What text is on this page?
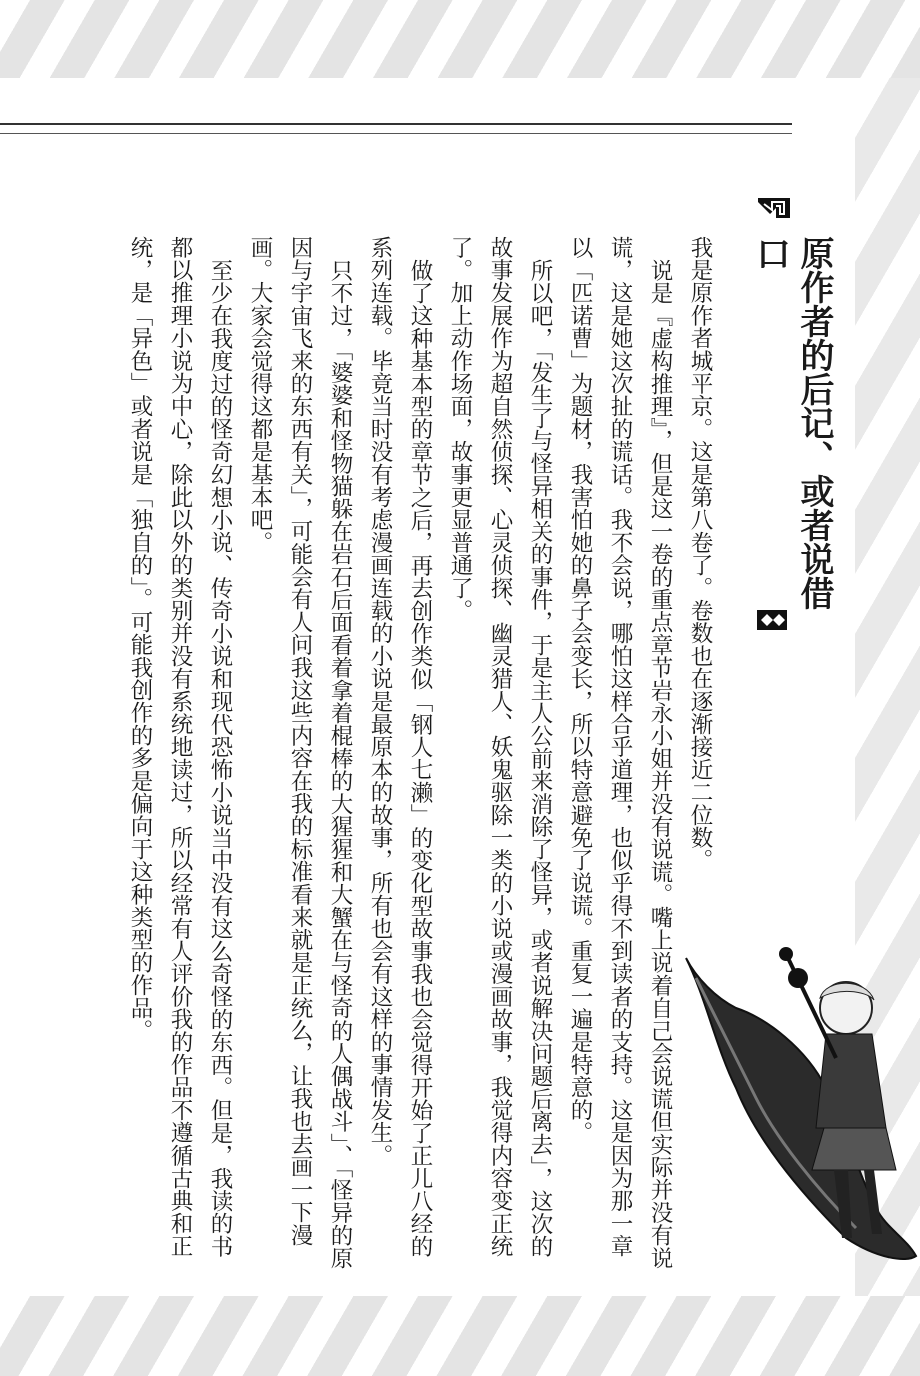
原作者的后记、或者说借口

我是原作者城平京。这是第八卷了。卷数也在逐渐接近二位数。

说是『虚构推理』，但是这一卷的重点章节岩永小姐并没有说谎。嘴上说着自己会说谎但实际并没有说谎，这是她这次扯的谎话。我不会说，哪怕这样合乎道理，也似乎得不到读者的支持。这是因为那一章以「匹诺曹」为题材，我害怕她的鼻子会变长，所以特意避免了说谎。重复一遍是特意的。

所以吧，「发生了与怪异相关的事件，于是主人公前来消除了怪异，或者说解决问题后离去」，这次的故事发展作为超自然侦探、心灵侦探、幽灵猎人、妖鬼驱除一类的小说或漫画故事，我觉得内容变正统了。加上动作场面，故事更显普通了。

做了这种基本型的章节之后，再去创作类似「钢人七濑」的变化型故事我也会觉得开始了正儿八经的系列连载。毕竟当时没有考虑漫画连载的小说是最原本的故事，所有也会有这样的事情发生。

只不过，「婆婆和怪物猫躲在岩石后面看着拿着棍棒的大猩猩和大蟹在与怪奇的人偶战斗」、「怪异的原因与宇宙飞来的东西有关」，可能会有人问我这些内容在我的标准看来就是正统么，让我也去画一下漫画。大家会觉得这都是基本吧。

至少在我度过的怪奇幻想小说、传奇小说和现代恐怖小说当中没有这么奇怪的东西。但是，我读的书都以推理小说为中心，除此以外的类别并没有系统地读过，所以经常有人评价我的作品不遵循古典和正统，是「异色」或者说是「独自的」。可能我创作的多是偏向于这种类型的作品。
